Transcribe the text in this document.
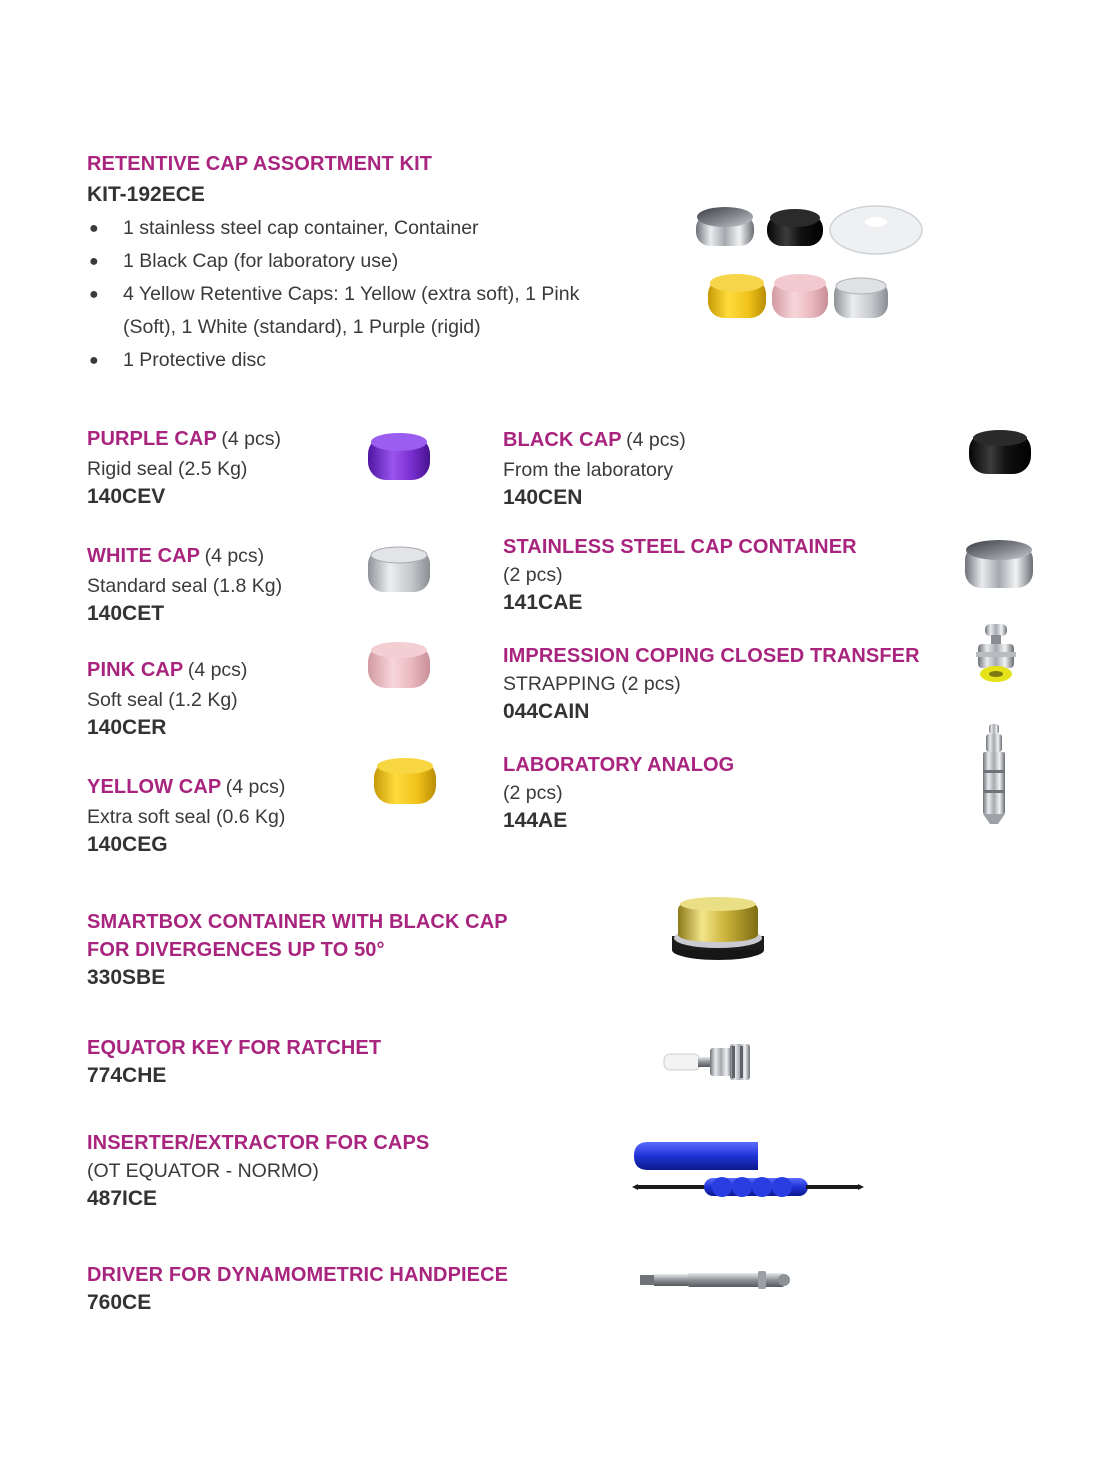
RETENTIVE CAP ASSORTMENT KIT
KIT-192ECE
● 1 stainless steel cap container, Container
● 1 Black Cap (for laboratory use)
● 4 Yellow Retentive Caps: 1 Yellow (extra soft), 1 Pink
(Soft), 1 White (standard), 1 Purple (rigid)
● 1 Protective disc
PURPLE CAP (4 pcs)
Rigid seal (2.5 Kg)
140CEV
WHITE CAP (4 pcs)
Standard seal (1.8 Kg)
140CET
PINK CAP (4 pcs)
Soft seal (1.2 Kg)
140CER
YELLOW CAP (4 pcs)
Extra soft seal (0.6 Kg)
140CEG
BLACK CAP (4 pcs)
From the laboratory
140CEN
STAINLESS STEEL CAP CONTAINER
(2 pcs)
141CAE
IMPRESSION COPING CLOSED TRANSFER
STRAPPING (2 pcs)
044CAIN
LABORATORY ANALOG
(2 pcs)
144AE
SMARTBOX CONTAINER WITH BLACK CAP
FOR DIVERGENCES UP TO 50°
330SBE
EQUATOR KEY FOR RATCHET
774CHE
INSERTER/EXTRACTOR FOR CAPS
(OT EQUATOR - NORMO)
487ICE
DRIVER FOR DYNAMOMETRIC HANDPIECE
760CE
